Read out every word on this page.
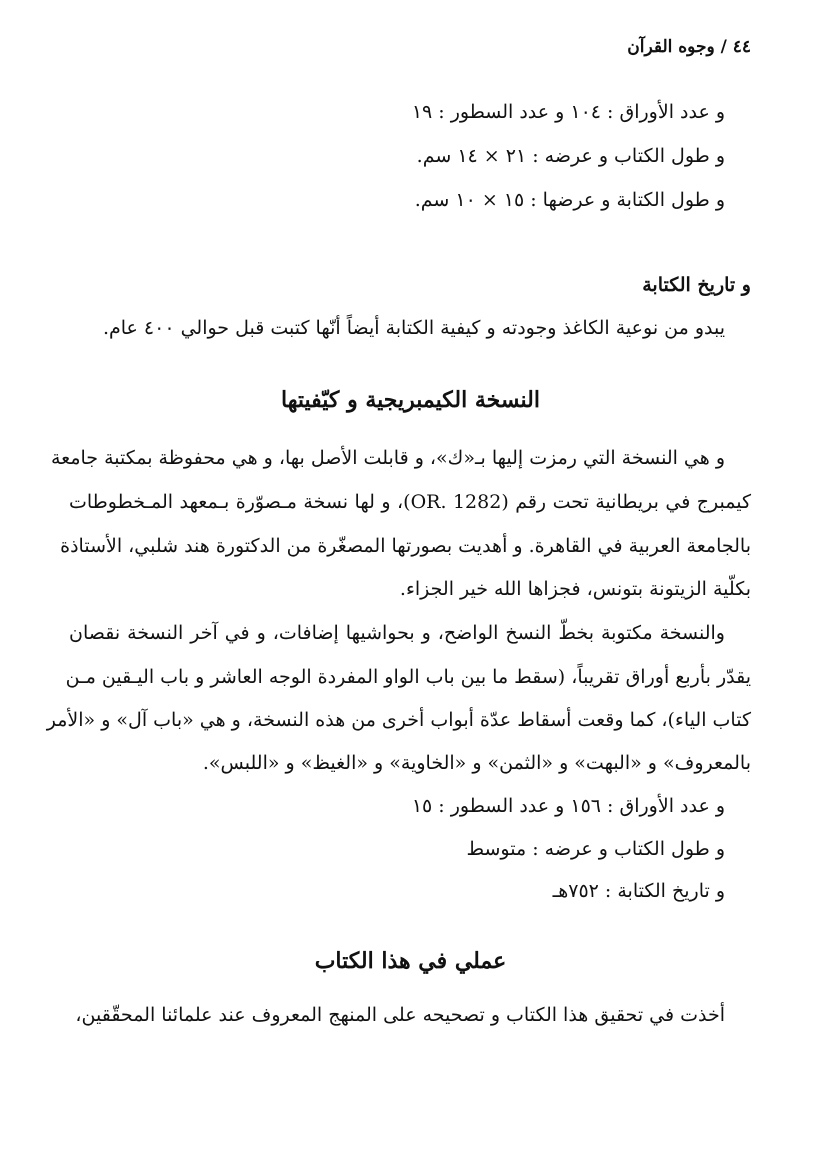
٤٤ / وجوه القرآن
و عدد الأوراق : ١٠٤ و عدد السطور : ١٩
و طول الكتاب و عرضه : ٢١ × ١٤ سم.
و طول الكتابة و عرضها : ١٥ × ١٠ سم.
و تاريخ الكتابة
يبدو من نوعية الكاغذ وجودته و كيفية الكتابة أيضاً أنّها كتبت قبل حوالي ٤٠٠ عام.
النسخة الكيمبريجية و كيّفيتها
و هي النسخة التي رمزت إليها بـ«ك»، و قابلت الأصل بها، و هي محفوظة بمكتبة جامعة
كيمبرج في بريطانية تحت رقم (OR. 1282)، و لها نسخة مـصوّرة بـمعهد المـخطوطات
بالجامعة العربية في القاهرة. و أهديت بصورتها المصغّرة من الدكتورة هند شلبي، الأستاذة
بكلّية الزيتونة بتونس، فجزاها الله خير الجزاء.
والنسخة مكتوبة بخطّ النسخ الواضح، و بحواشيها إضافات، و في آخر النسخة نقصان
يقدّر بأربع أوراق تقريباً، (سقط ما بين باب الواو المفردة الوجه العاشر و باب اليـقين مـن
كتاب الياء)، كما وقعت أسقاط عدّة أبواب أخرى من هذه النسخة، و هي «باب آل» و «الأمر
بالمعروف» و «البهت» و «الثمن» و «الخاوية» و «الغيظ» و «اللبس».
و عدد الأوراق : ١٥٦ و عدد السطور : ١٥
و طول الكتاب و عرضه : متوسط
و تاريخ الكتابة : ٧٥٢هـ
عملي في هذا الكتاب
أخذت في تحقيق هذا الكتاب و تصحيحه على المنهج المعروف عند علمائنا المحقّقين،
